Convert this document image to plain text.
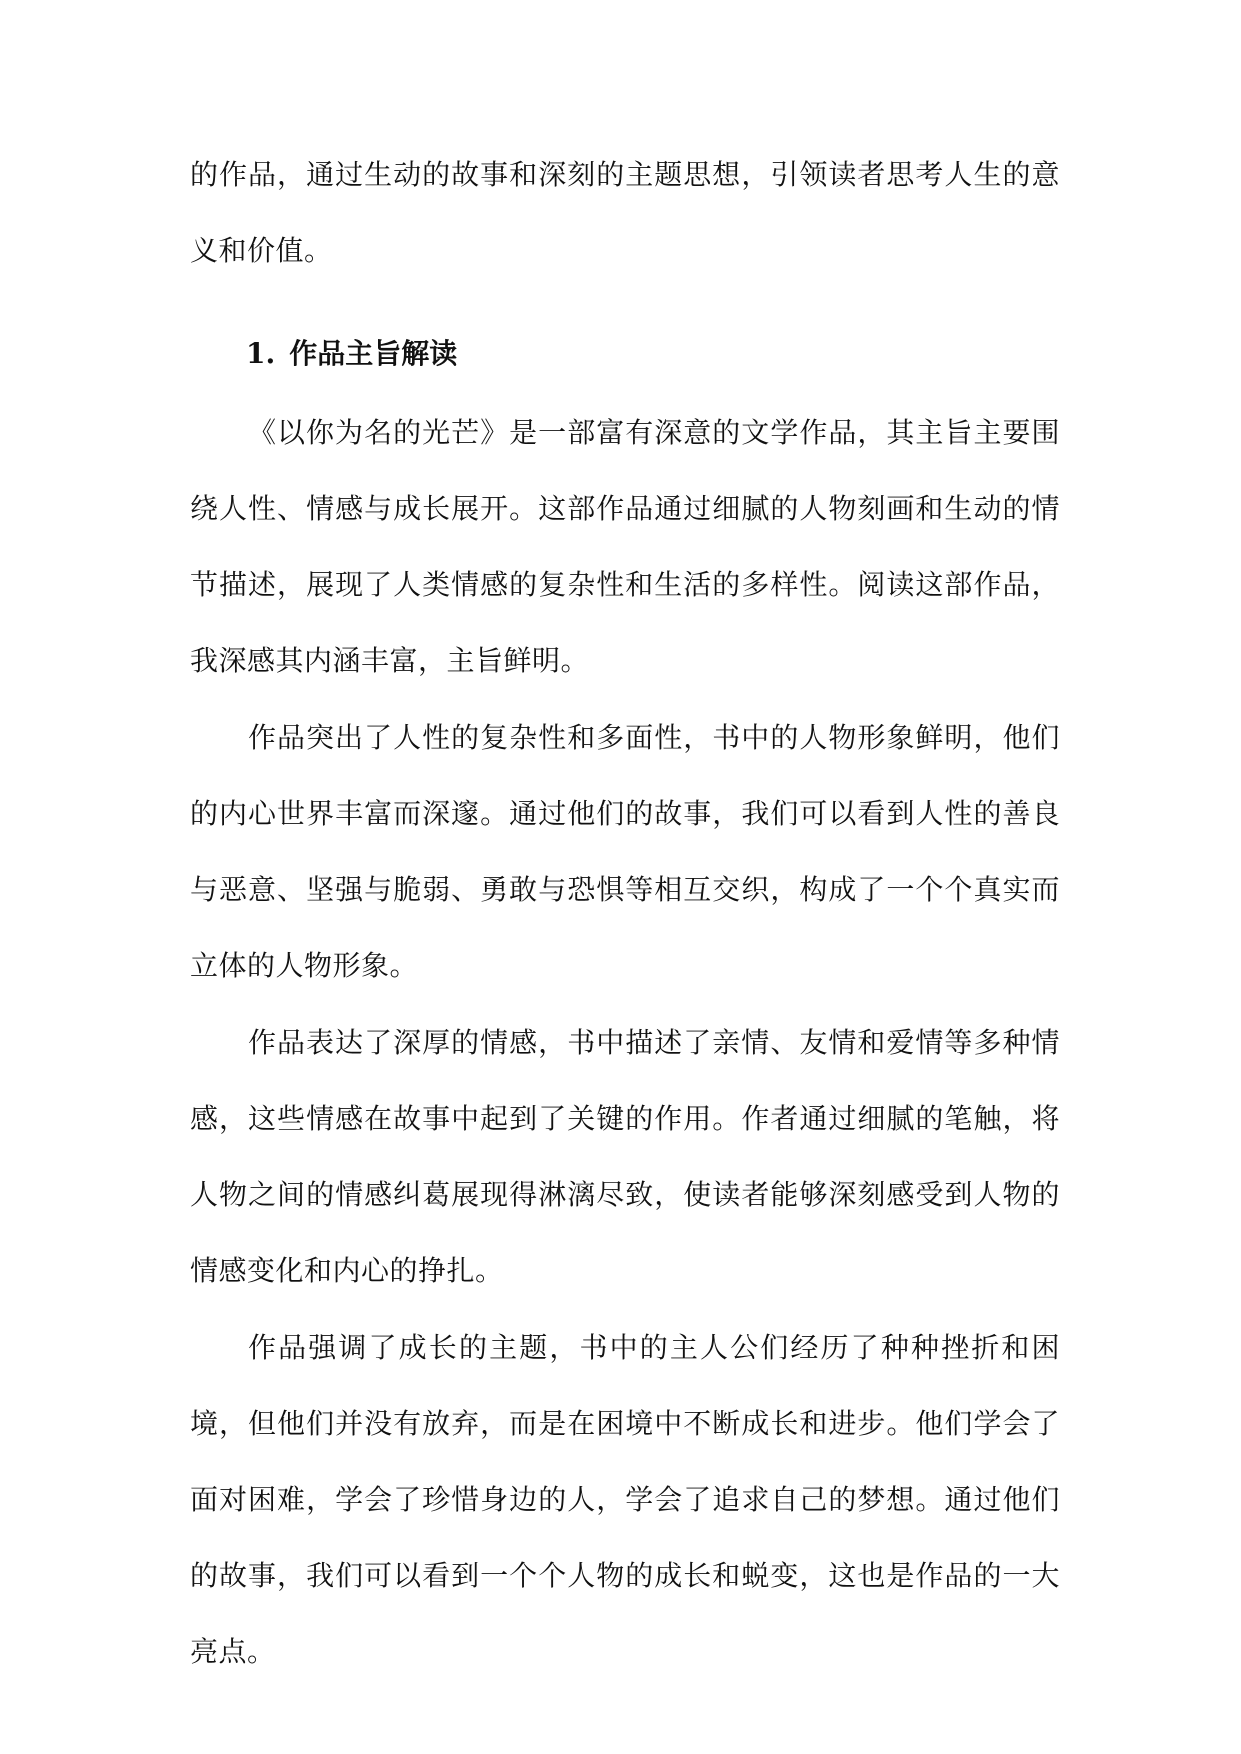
的作品，通过生动的故事和深刻的主题思想，引领读者思考人生的意义和价值。

1. 作品主旨解读

《以你为名的光芒》是一部富有深意的文学作品，其主旨主要围绕人性、情感与成长展开。这部作品通过细腻的人物刻画和生动的情节描述，展现了人类情感的复杂性和生活的多样性。阅读这部作品，我深感其内涵丰富，主旨鲜明。

作品突出了人性的复杂性和多面性，书中的人物形象鲜明，他们的内心世界丰富而深邃。通过他们的故事，我们可以看到人性的善良与恶意、坚强与脆弱、勇敢与恐惧等相互交织，构成了一个个真实而立体的人物形象。

作品表达了深厚的情感，书中描述了亲情、友情和爱情等多种情感，这些情感在故事中起到了关键的作用。作者通过细腻的笔触，将人物之间的情感纠葛展现得淋漓尽致，使读者能够深刻感受到人物的情感变化和内心的挣扎。

作品强调了成长的主题，书中的主人公们经历了种种挫折和困境，但他们并没有放弃，而是在困境中不断成长和进步。他们学会了面对困难，学会了珍惜身边的人，学会了追求自己的梦想。通过他们的故事，我们可以看到一个个人物的成长和蜕变，这也是作品的一大亮点。
